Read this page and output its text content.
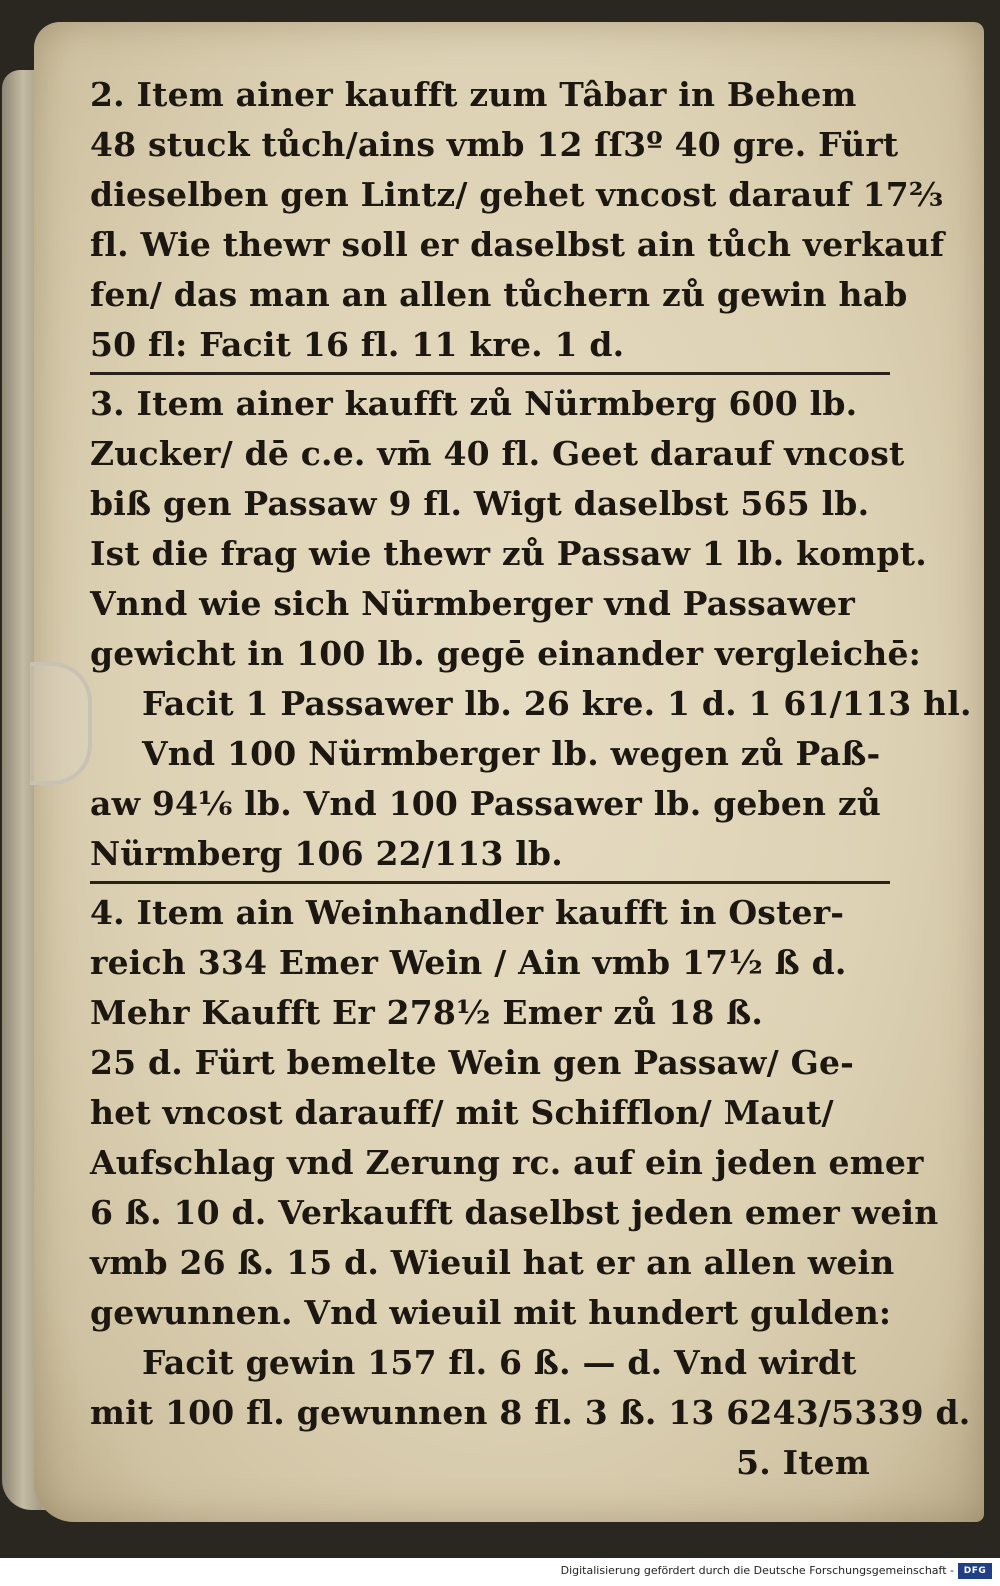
2. Item ainer kaufft zum Tâbar in Behem
48 stuck tůch/ains vmb 12 ſſ3º 40 gre. Fürt
dieselben gen Lintz/ gehet vncost darauf 17⅔
fl. Wie thewr soll er daselbst ain tůch verkauf
fen/ das man an allen tůchern zů gewin hab
50 fl: Facit 16 fl. 11 kre. 1 d.
3. Item ainer kaufft zů Nürmberg 600 lb.
Zucker/ dē c.e. vm̄ 40 fl. Geet darauf vncost
biß gen Passaw 9 fl. Wigt daselbst 565 lb.
Ist die frag wie thewr zů Passaw 1 lb. kompt.
Vnnd wie sich Nürmberger vnd Passawer
gewicht in 100 lb. gegē einander vergleichē:
Facit 1 Passawer lb. 26 kre. 1 d. 1 61/113 hl.
Vnd 100 Nürmberger lb. wegen zů Paß-
aw 94⅙ lb. Vnd 100 Passawer lb. geben zů
Nürmberg 106 22/113 lb.
4. Item ain Weinhandler kaufft in Oster-
reich 334 Emer Wein / Ain vmb 17½ ß d.
Mehr Kaufft Er 278½ Emer zů 18 ß.
25 d. Fürt bemelte Wein gen Passaw/ Ge-
het vncost darauff/ mit Schifflon/ Maut/
Aufschlag vnd Zerung rc. auf ein jeden emer
6 ß. 10 d. Verkaufft daselbst jeden emer wein
vmb 26 ß. 15 d. Wieuil hat er an allen wein
gewunnen. Vnd wieuil mit hundert gulden:
Facit gewin 157 fl. 6 ß. — d. Vnd wirdt
mit 100 fl. gewunnen 8 fl. 3 ß. 13 6243/5339 d.
5. Item
Digitalisierung gefördert durch die Deutsche Forschungsgemeinschaft -	DFG
